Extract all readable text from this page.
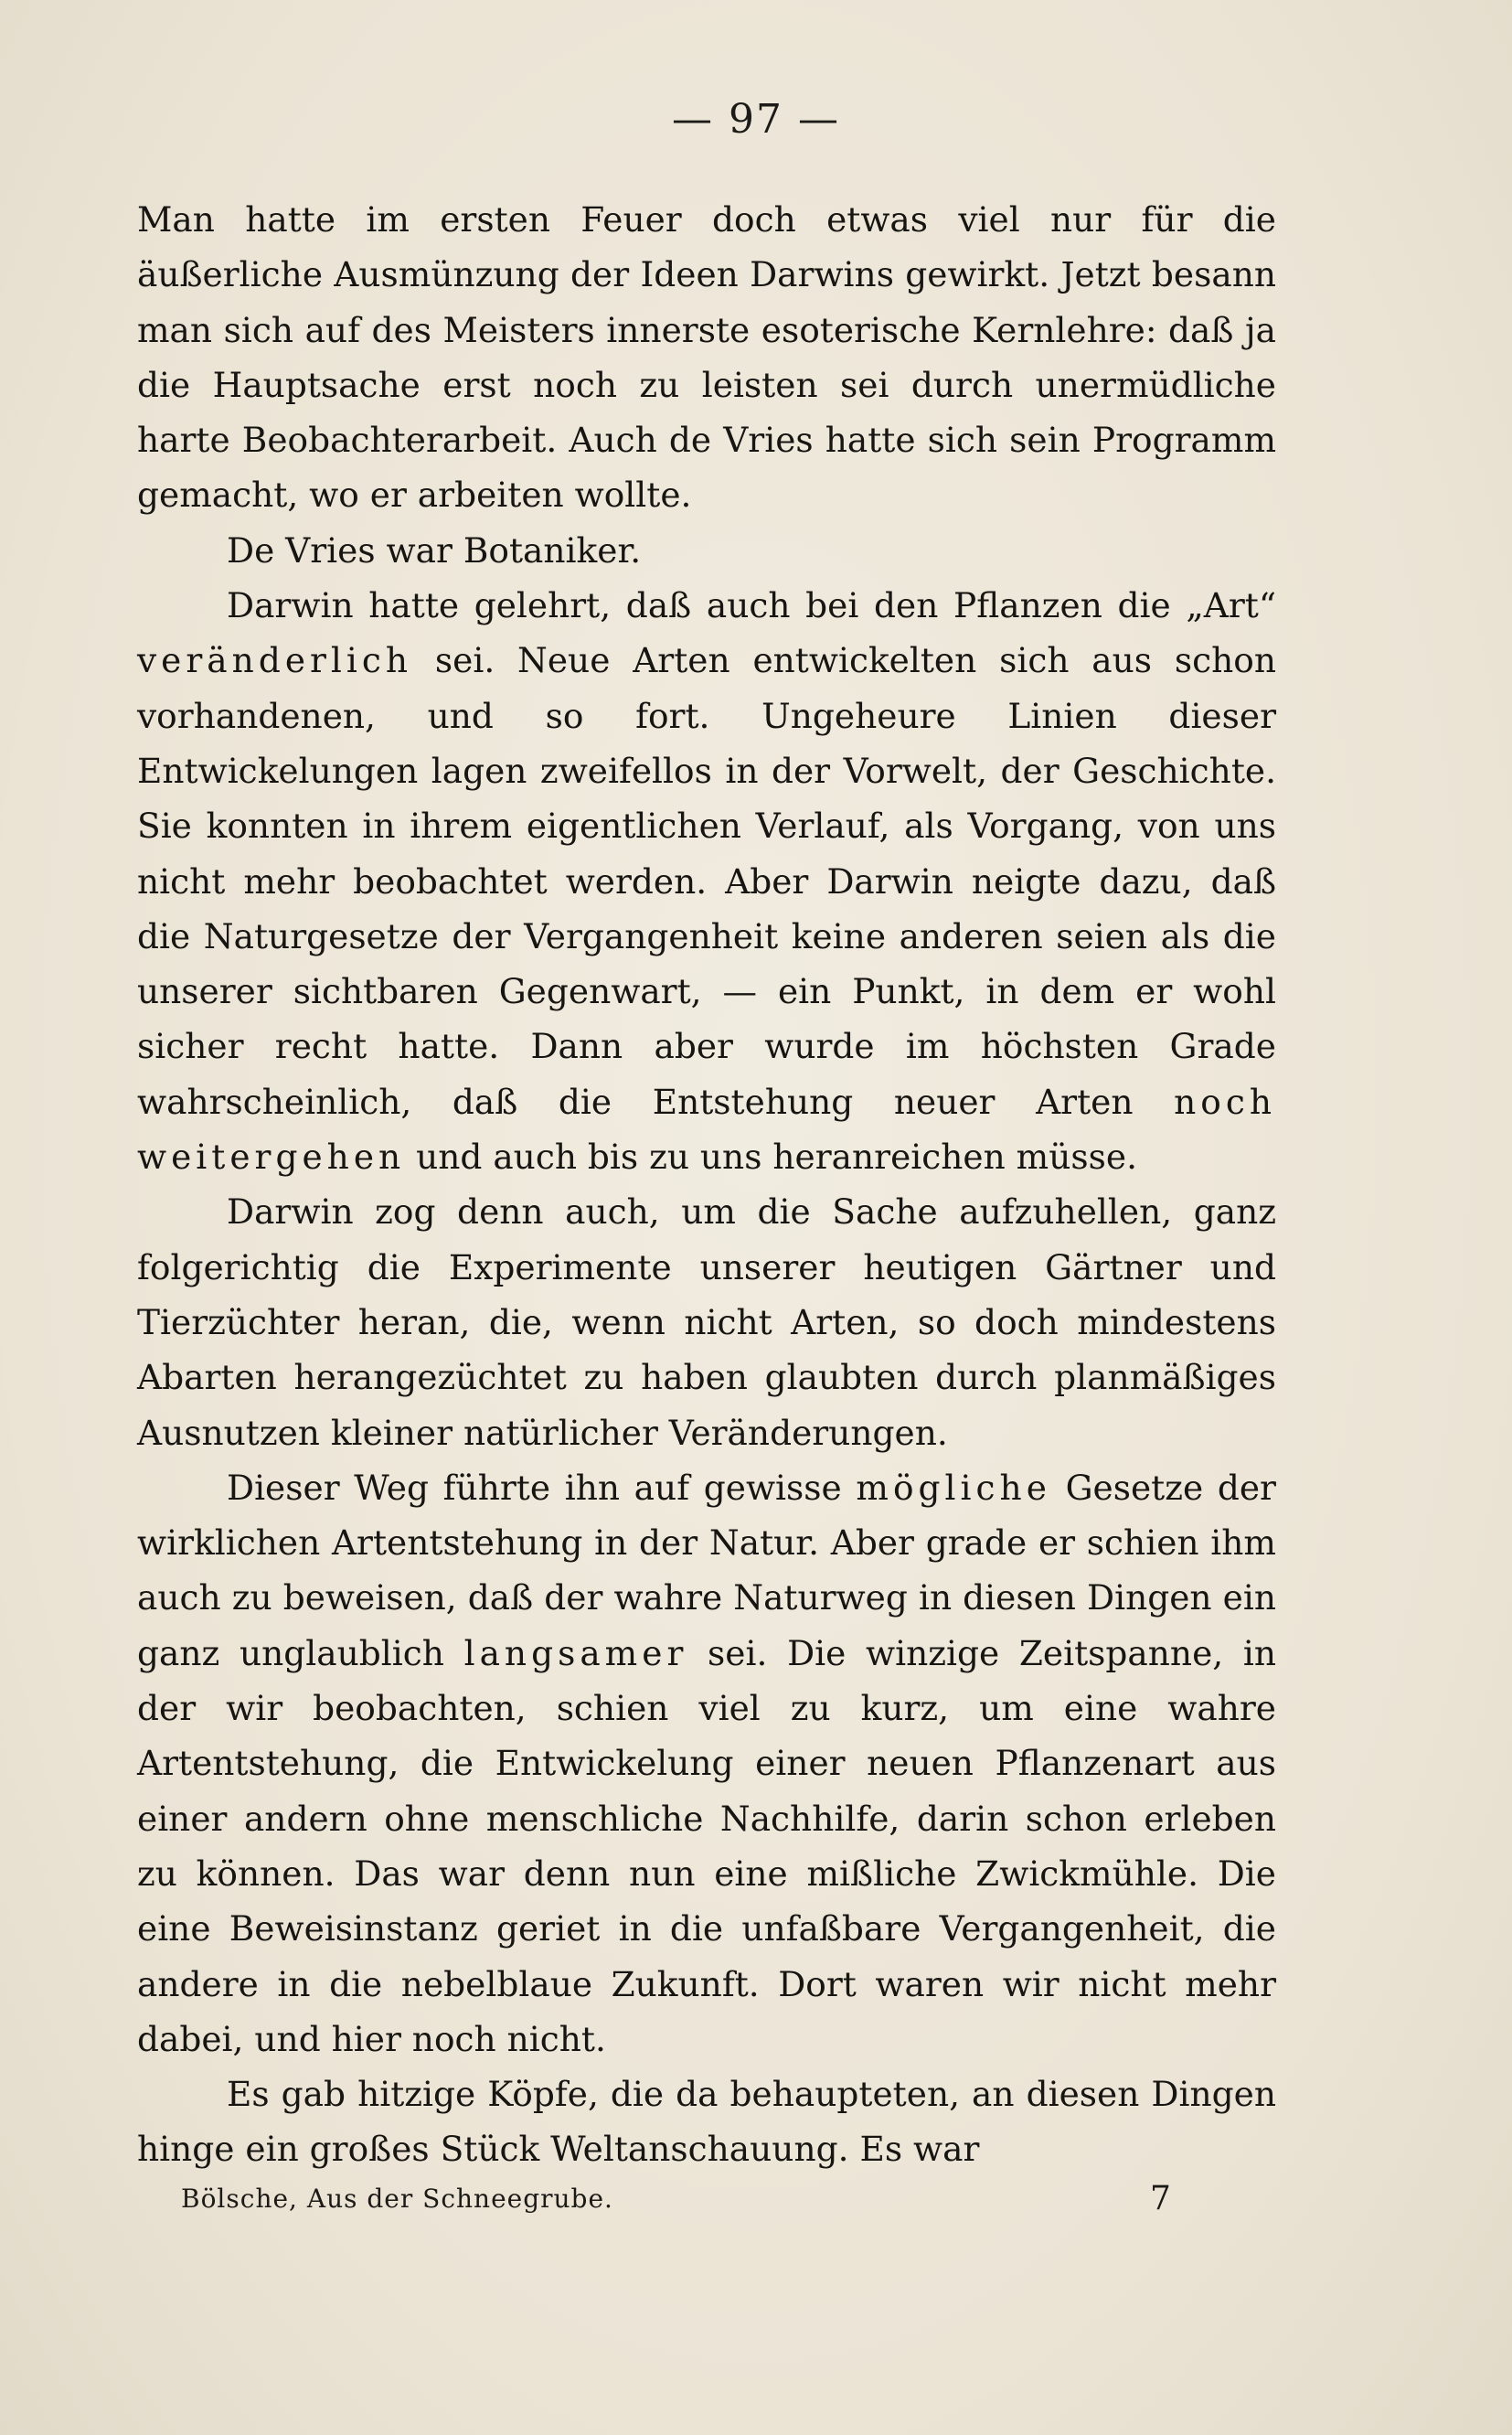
— 97 —

Man hatte im ersten Feuer doch etwas viel nur für die äußerliche Ausmünzung der Ideen Darwins gewirkt. Jetzt besann man sich auf des Meisters innerste esoterische Kernlehre: daß ja die Hauptsache erst noch zu leisten sei durch unermüdliche harte Beobachterarbeit. Auch de Vries hatte sich sein Programm gemacht, wo er arbeiten wollte.

De Vries war Botaniker.

Darwin hatte gelehrt, daß auch bei den Pflanzen die „Art“ veränderlich sei. Neue Arten entwickelten sich aus schon vorhandenen, und so fort. Ungeheure Linien dieser Entwickelungen lagen zweifellos in der Vorwelt, der Geschichte. Sie konnten in ihrem eigentlichen Verlauf, als Vorgang, von uns nicht mehr beobachtet werden. Aber Darwin neigte dazu, daß die Naturgesetze der Vergangenheit keine anderen seien als die unserer sichtbaren Gegenwart, — ein Punkt, in dem er wohl sicher recht hatte. Dann aber wurde im höchsten Grade wahrscheinlich, daß die Entstehung neuer Arten noch weitergehen und auch bis zu uns heranreichen müsse.

Darwin zog denn auch, um die Sache aufzuhellen, ganz folgerichtig die Experimente unserer heutigen Gärtner und Tierzüchter heran, die, wenn nicht Arten, so doch mindestens Abarten herangezüchtet zu haben glaubten durch planmäßiges Ausnutzen kleiner natürlicher Veränderungen.

Dieser Weg führte ihn auf gewisse mögliche Gesetze der wirklichen Artentstehung in der Natur. Aber grade er schien ihm auch zu beweisen, daß der wahre Naturweg in diesen Dingen ein ganz unglaublich langsamer sei. Die winzige Zeitspanne, in der wir beobachten, schien viel zu kurz, um eine wahre Artentstehung, die Entwickelung einer neuen Pflanzenart aus einer andern ohne menschliche Nachhilfe, darin schon erleben zu können. Das war denn nun eine mißliche Zwickmühle. Die eine Beweisinstanz geriet in die unfaßbare Vergangenheit, die andere in die nebelblaue Zukunft. Dort waren wir nicht mehr dabei, und hier noch nicht.

Es gab hitzige Köpfe, die da behaupteten, an diesen Dingen hinge ein großes Stück Weltanschauung. Es war

Bölsche, Aus der Schneegrube.	7
